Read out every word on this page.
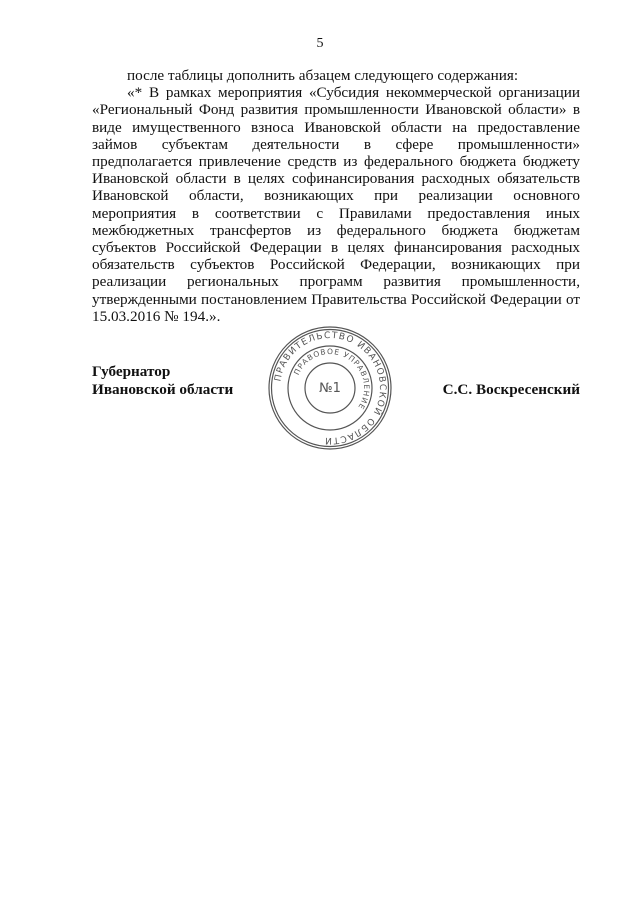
5

после таблицы дополнить абзацем следующего содержания:

«* В рамках мероприятия «Субсидия некоммерческой организации «Региональный Фонд развития промышленности Ивановской области» в виде имущественного взноса Ивановской области на предоставление займов субъектам деятельности в сфере промышленности» предполагается привлечение средств из федерального бюджета бюджету Ивановской области в целях софинансирования расходных обязательств Ивановской области, возникающих при реализации основного мероприятия в соответствии с Правилами предоставления иных межбюджетных трансфертов из федерального бюджета бюджетам субъектов Российской Федерации в целях финансирования расходных обязательств субъектов Российской Федерации, возникающих при реализации региональных программ развития промышленности, утвержденными постановлением Правительства Российской Федерации от 15.03.2016 № 194.».

Губернатор
Ивановской области
ПРАВИТЕЛЬСТВО ИВАНОВСКОЙ ОБЛАСТИ
ПРАВОВОЕ УПРАВЛЕНИЕ
№1	С.С. Воскресенский
